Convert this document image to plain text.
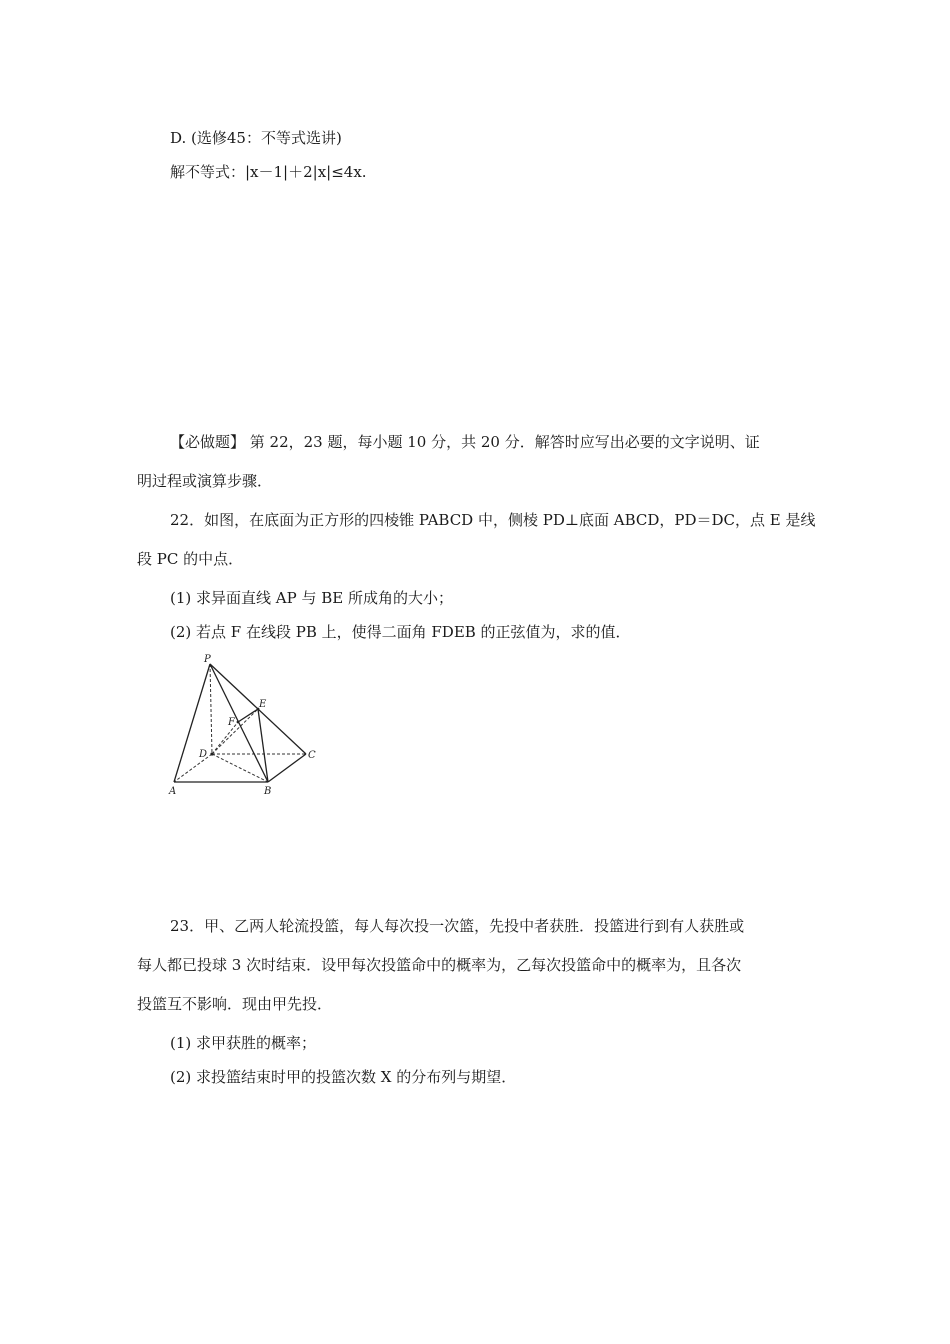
D. (选修45：不等式选讲)
解不等式：|x－1|＋2|x|≤4x.
【必做题】 第 22，23 题，每小题 10 分，共 20 分．解答时应写出必要的文字说明、证
明过程或演算步骤．
22．如图，在底面为正方形的四棱锥 PABCD 中，侧棱 PD⊥底面 ABCD，PD＝DC，点 E 是线
段 PC 的中点．
(1) 求异面直线 AP 与 BE 所成角的大小；
(2) 若点 F 在线段 PB 上，使得二面角 FDEB 的正弦值为，求的值．
P
E
F
D	C
A	B
23．甲、乙两人轮流投篮，每人每次投一次篮，先投中者获胜．投篮进行到有人获胜或
每人都已投球 3 次时结束．设甲每次投篮命中的概率为，乙每次投篮命中的概率为，且各次
投篮互不影响．现由甲先投．
(1) 求甲获胜的概率；
(2) 求投篮结束时甲的投篮次数 X 的分布列与期望．
